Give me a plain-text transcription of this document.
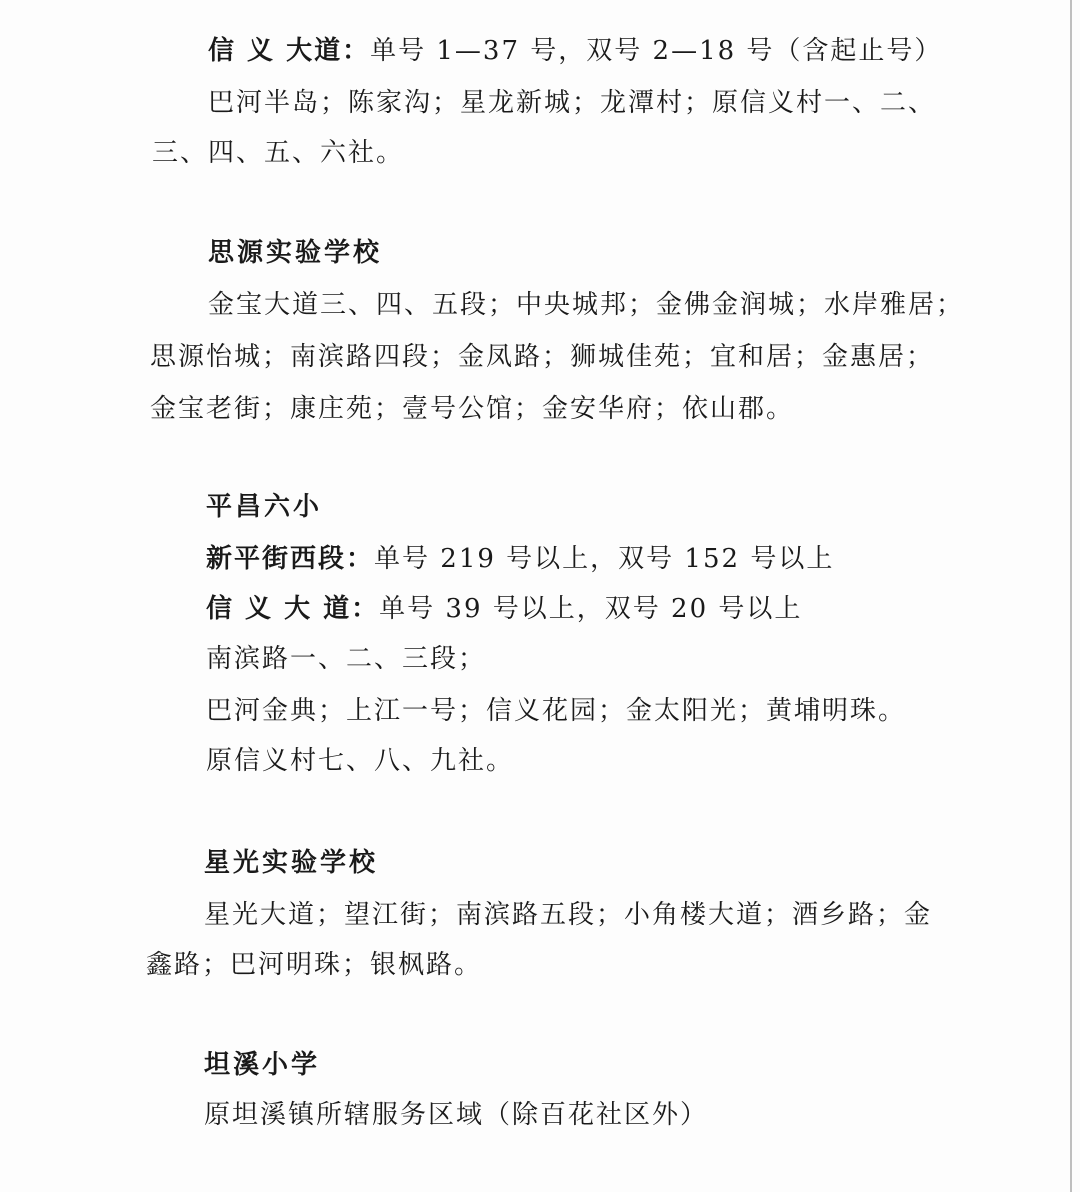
信 义 大道：单号 1—37 号，双号 2—18 号（含起止号）
巴河半岛；陈家沟；星龙新城；龙潭村；原信义村一、二、
三、四、五、六社。
思源实验学校
金宝大道三、四、五段；中央城邦；金佛金润城；水岸雅居；
思源怡城；南滨路四段；金凤路；狮城佳苑；宜和居；金惠居；
金宝老街；康庄苑；壹号公馆；金安华府；依山郡。
平昌六小
新平街西段：单号 219 号以上，双号 152 号以上
信 义 大 道：单号 39 号以上，双号 20 号以上
南滨路一、二、三段；
巴河金典；上江一号；信义花园；金太阳光；黄埔明珠。
原信义村七、八、九社。
星光实验学校
星光大道；望江街；南滨路五段；小角楼大道；酒乡路；金
鑫路；巴河明珠；银枫路。
坦溪小学
原坦溪镇所辖服务区域（除百花社区外）
